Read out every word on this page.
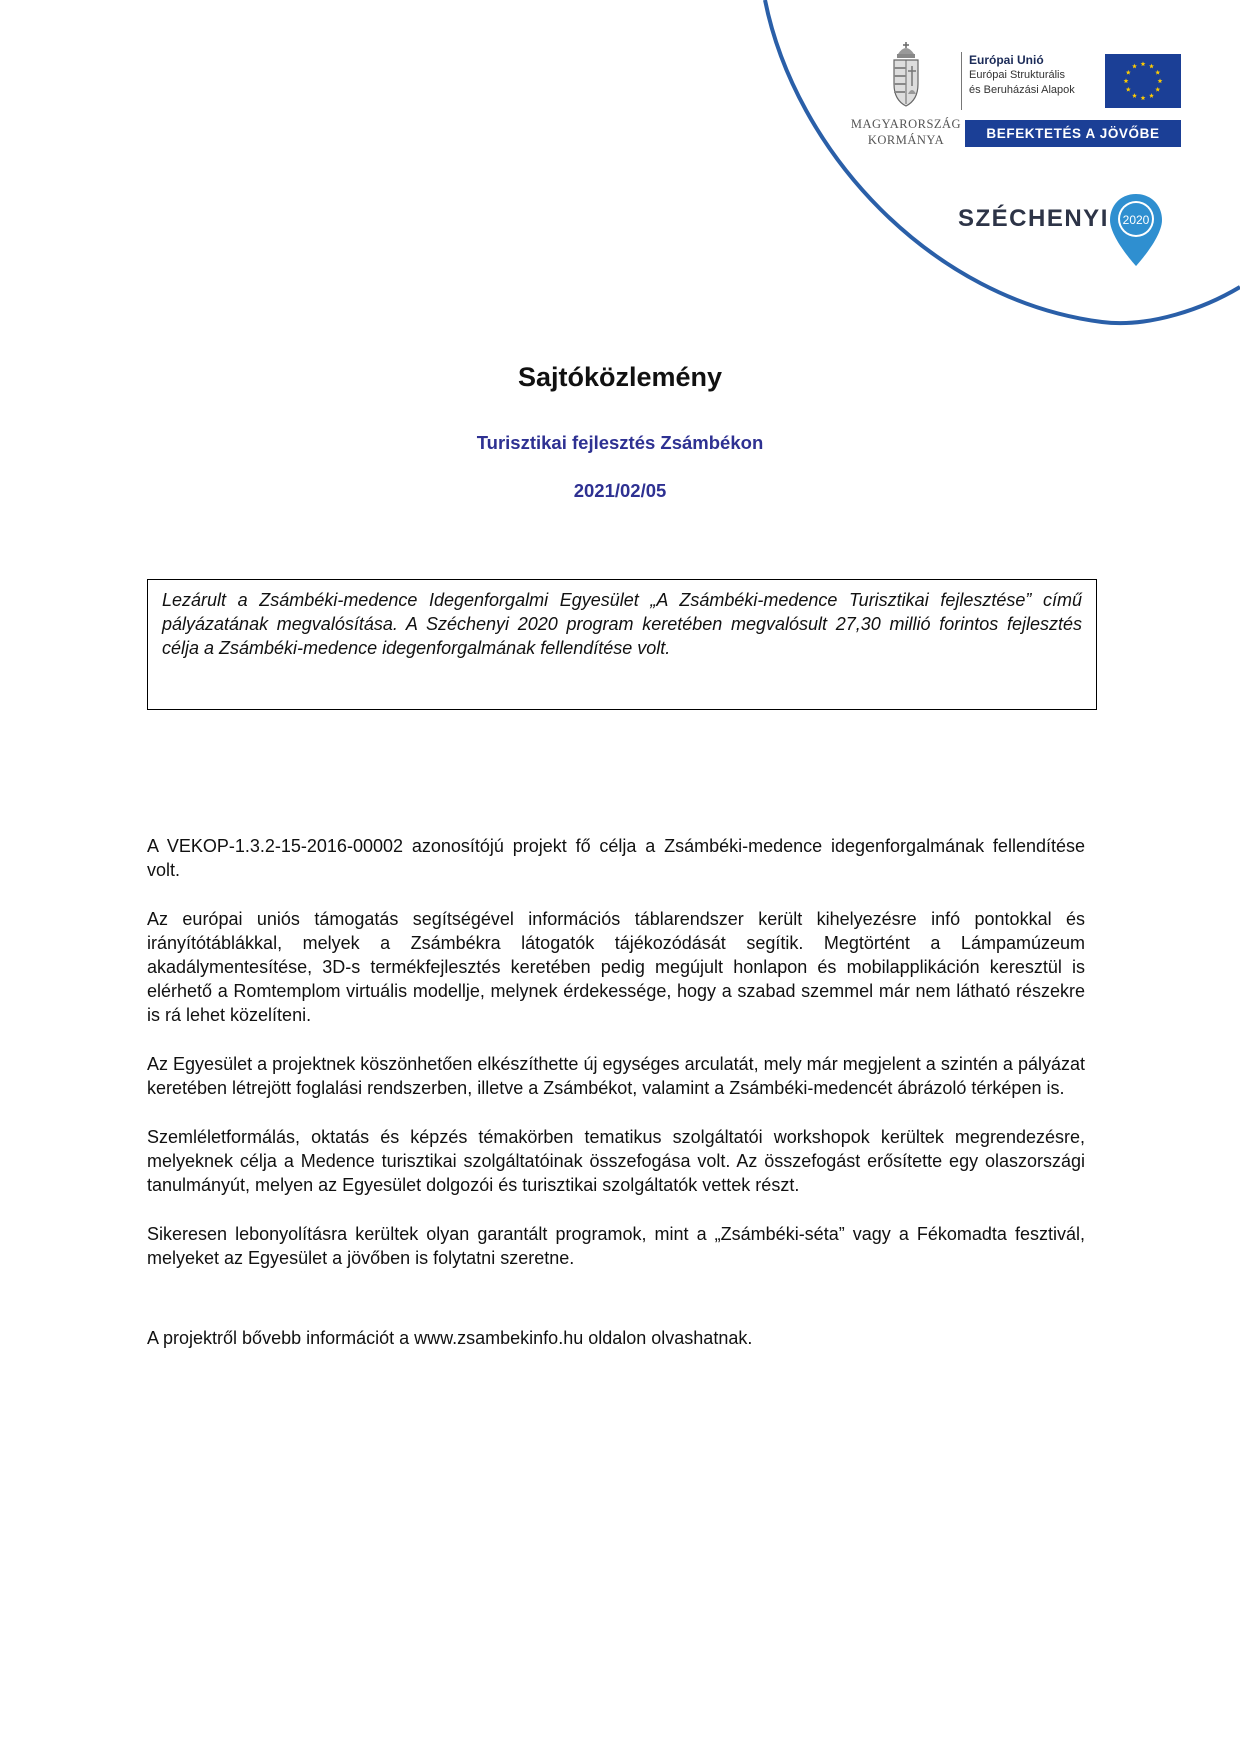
MAGYARORSZÁG
KORMÁNYA
Európai Unió
Európai Strukturális
és Beruházási Alapok
BEFEKTETÉS A JÖVŐBE
SZÉCHENYI 2020
Sajtóközlemény
Turisztikai fejlesztés Zsámbékon
2021/02/05

Lezárult a Zsámbéki-medence Idegenforgalmi Egyesület „A Zsámbéki-medence Turisztikai fejlesztése” című pályázatának megvalósítása. A Széchenyi 2020 program keretében megvalósult 27,30 millió forintos fejlesztés célja a Zsámbéki-medence idegenforgalmának fellendítése volt.

A VEKOP-1.3.2-15-2016-00002 azonosítójú projekt fő célja a Zsámbéki-medence idegenforgalmának fellendítése volt.

Az európai uniós támogatás segítségével információs táblarendszer került kihelyezésre infó pontokkal és irányítótáblákkal, melyek a Zsámbékra látogatók tájékozódását segítik. Megtörtént a Lámpamúzeum akadálymentesítése, 3D-s termékfejlesztés keretében pedig megújult honlapon és mobilapplikáción keresztül is elérhető a Romtemplom virtuális modellje, melynek érdekessége, hogy a szabad szemmel már nem látható részekre is rá lehet közelíteni.

Az Egyesület a projektnek köszönhetően elkészíthette új egységes arculatát, mely már megjelent a szintén a pályázat keretében létrejött foglalási rendszerben, illetve a Zsámbékot, valamint a Zsámbéki-medencét ábrázoló térképen is.

Szemléletformálás, oktatás és képzés témakörben tematikus szolgáltatói workshopok kerültek megrendezésre, melyeknek célja a Medence turisztikai szolgáltatóinak összefogása volt. Az összefogást erősítette egy olaszországi tanulmányút, melyen az Egyesület dolgozói és turisztikai szolgáltatók vettek részt.

Sikeresen lebonyolításra kerültek olyan garantált programok, mint a „Zsámbéki-séta” vagy a Fékomadta fesztivál, melyeket az Egyesület a jövőben is folytatni szeretne.

A projektről bővebb információt a www.zsambekinfo.hu oldalon olvashatnak.
